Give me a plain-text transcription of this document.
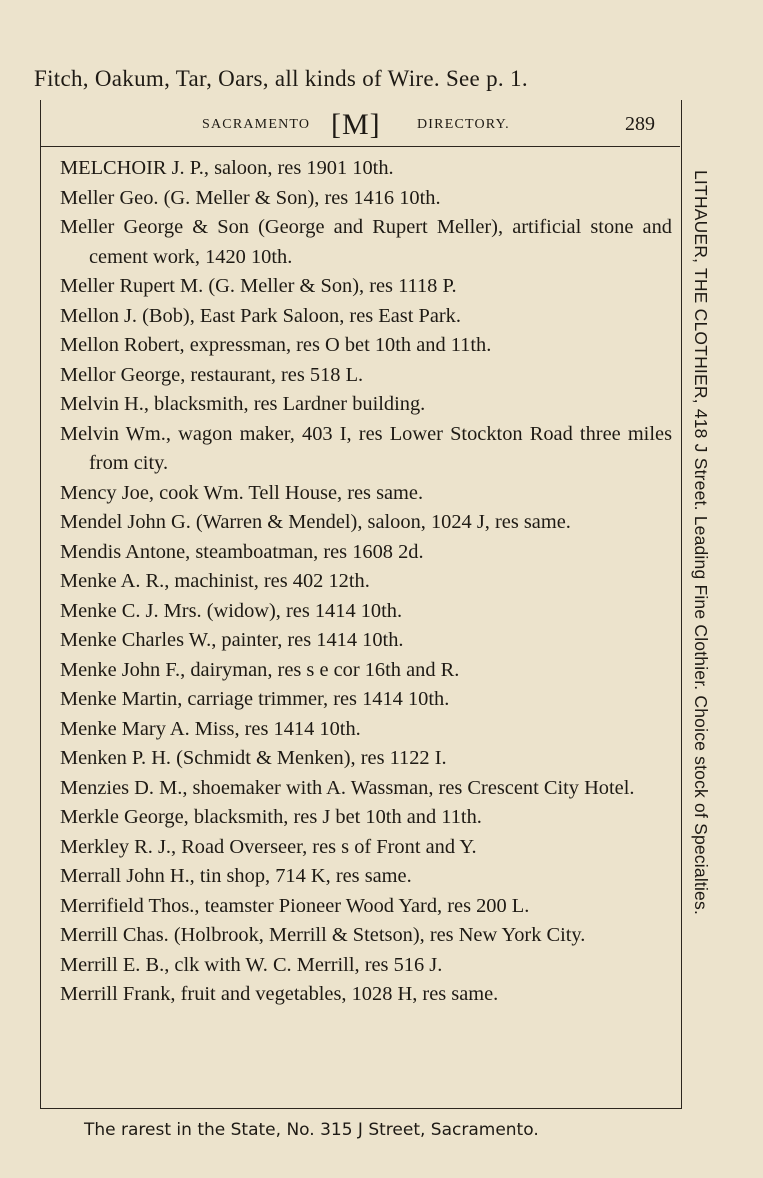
Fitch, Oakum, Tar, Oars, all kinds of Wire. See p. 1.
SACRAMENTO [M]	DIRECTORY.	289
MELCHOIR J. P., saloon, res 1901 10th.
Meller Geo. (G. Meller & Son), res 1416 10th.
Meller George & Son (George and Rupert Meller), artificial stone and cement work, 1420 10th.
Meller Rupert M. (G. Meller & Son), res 1118 P.
Mellon J. (Bob), East Park Saloon, res East Park.
Mellon Robert, expressman, res O bet 10th and 11th.
Mellor George, restaurant, res 518 L.
Melvin H., blacksmith, res Lardner building.
Melvin Wm., wagon maker, 403 I, res Lower Stockton Road three miles from city.
Mency Joe, cook Wm. Tell House, res same.
Mendel John G. (Warren & Mendel), saloon, 1024 J, res same.
Mendis Antone, steamboatman, res 1608 2d.
Menke A. R., machinist, res 402 12th.
Menke C. J. Mrs. (widow), res 1414 10th.
Menke Charles W., painter, res 1414 10th.
Menke John F., dairyman, res s e cor 16th and R.
Menke Martin, carriage trimmer, res 1414 10th.
Menke Mary A. Miss, res 1414 10th.
Menken P. H. (Schmidt & Menken), res 1122 I.
Menzies D. M., shoemaker with A. Wassman, res Crescent City Hotel.
Merkle George, blacksmith, res J bet 10th and 11th.
Merkley R. J., Road Overseer, res s of Front and Y.
Merrall John H., tin shop, 714 K, res same.
Merrifield Thos., teamster Pioneer Wood Yard, res 200 L.
Merrill Chas. (Holbrook, Merrill & Stetson), res New York City.
Merrill E. B., clk with W. C. Merrill, res 516 J.
Merrill Frank, fruit and vegetables, 1028 H, res same.
LITHAUER, THE CLOTHIER, 418 J Street. Leading Fine Clothier. Choice stock of Specialties.
The rarest in the State, No. 315 J Street, Sacramento.
